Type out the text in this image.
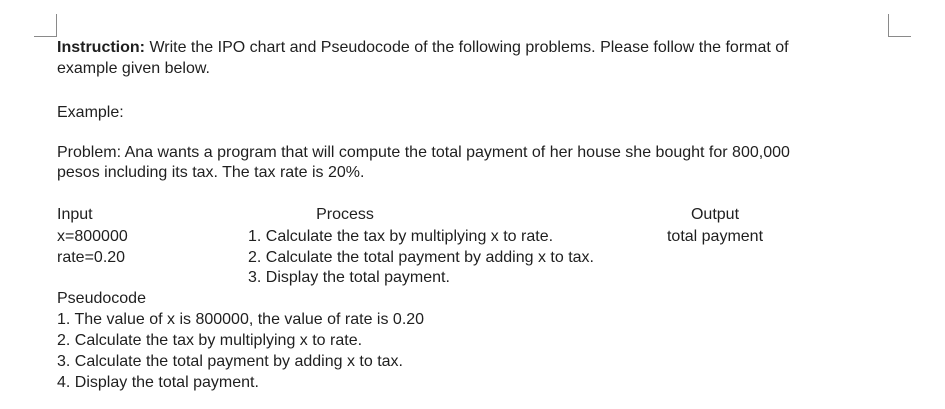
Instruction: Write the IPO chart and Pseudocode of the following problems. Please follow the format of
example given below.
Example:
Problem: Ana wants a program that will compute the total payment of her house she bought for 800,000
pesos including its tax. The tax rate is 20%.
Input
x=800000
rate=0.20
Process
1. Calculate the tax by multiplying x to rate.
2. Calculate the total payment by adding x to tax.
3. Display the total payment.
Output
total payment
Pseudocode
1. The value of x is 800000, the value of rate is 0.20
2. Calculate the tax by multiplying x to rate.
3. Calculate the total payment by adding x to tax.
4. Display the total payment.
